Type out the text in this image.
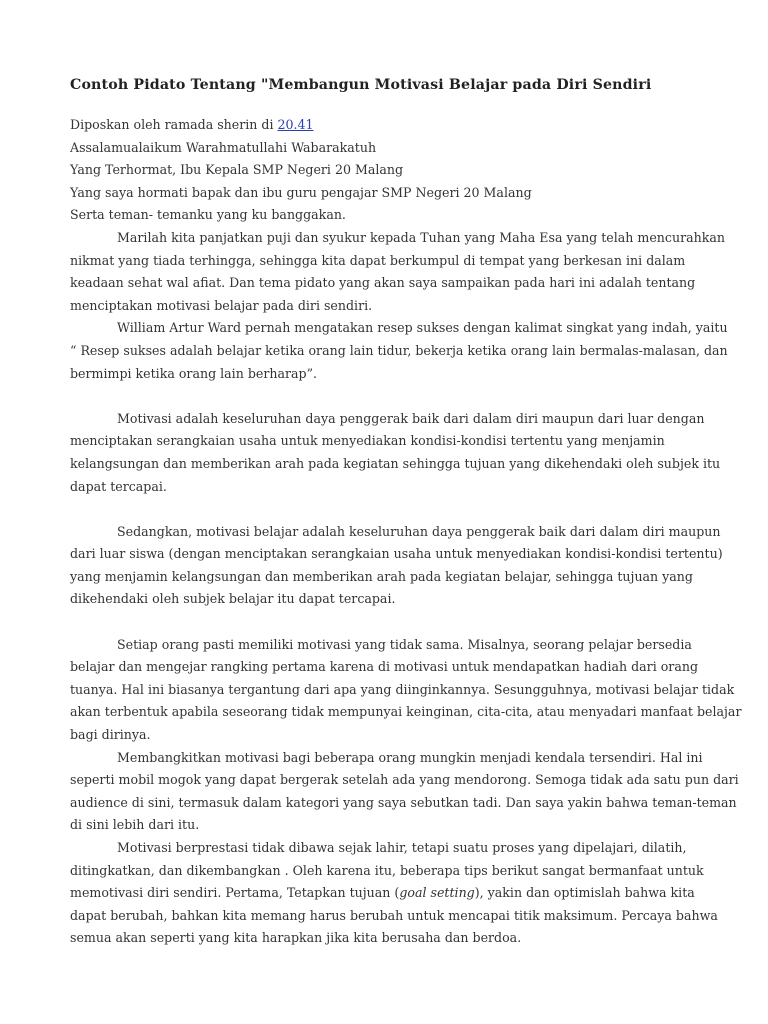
Contoh Pidato Tentang "Membangun Motivasi Belajar pada Diri Sendiri

Diposkan oleh ramada sherin di 20.41

Assalamualaikum Warahmatullahi Wabarakatuh

Yang Terhormat, Ibu Kepala SMP Negeri 20 Malang

Yang saya hormati bapak dan ibu guru pengajar SMP Negeri 20 Malang

Serta teman- temanku yang ku banggakan.

Marilah kita panjatkan puji dan syukur kepada Tuhan yang Maha Esa yang telah mencurahkan
nikmat yang tiada terhingga, sehingga kita dapat berkumpul di tempat yang berkesan ini dalam
keadaan sehat wal afiat. Dan tema pidato yang akan saya sampaikan pada hari ini adalah tentang
menciptakan motivasi belajar pada diri sendiri.

William Artur Ward pernah mengatakan resep sukses dengan kalimat singkat yang indah, yaitu
“ Resep sukses adalah belajar ketika orang lain tidur, bekerja ketika orang lain bermalas-malasan, dan
bermimpi ketika orang lain berharap”.

Motivasi adalah keseluruhan daya penggerak baik dari dalam diri maupun dari luar dengan
menciptakan serangkaian usaha untuk menyediakan kondisi-kondisi tertentu yang menjamin
kelangsungan dan memberikan arah pada kegiatan sehingga tujuan yang dikehendaki oleh subjek itu
dapat tercapai.

Sedangkan, motivasi belajar adalah keseluruhan daya penggerak baik dari dalam diri maupun
dari luar siswa (dengan menciptakan serangkaian usaha untuk menyediakan kondisi-kondisi tertentu)
yang menjamin kelangsungan dan memberikan arah pada kegiatan belajar, sehingga tujuan yang
dikehendaki oleh subjek belajar itu dapat tercapai.

Setiap orang pasti memiliki motivasi yang tidak sama. Misalnya, seorang pelajar bersedia
belajar dan mengejar rangking pertama karena di motivasi untuk mendapatkan hadiah dari orang
tuanya. Hal ini biasanya tergantung dari apa yang diinginkannya. Sesungguhnya, motivasi belajar tidak
akan terbentuk apabila seseorang tidak mempunyai keinginan, cita-cita, atau menyadari manfaat belajar
bagi dirinya.

Membangkitkan motivasi bagi beberapa orang mungkin menjadi kendala tersendiri. Hal ini
seperti mobil mogok yang dapat bergerak setelah ada yang mendorong. Semoga tidak ada satu pun dari
audience di sini, termasuk dalam kategori yang saya sebutkan tadi. Dan saya yakin bahwa teman-teman
di sini lebih dari itu.

Motivasi berprestasi tidak dibawa sejak lahir, tetapi suatu proses yang dipelajari, dilatih,
ditingkatkan, dan dikembangkan . Oleh karena itu, beberapa tips berikut sangat bermanfaat untuk
memotivasi diri sendiri. Pertama, Tetapkan tujuan (goal setting), yakin dan optimislah bahwa kita
dapat berubah, bahkan kita memang harus berubah untuk mencapai titik maksimum. Percaya bahwa
semua akan seperti yang kita harapkan jika kita berusaha dan berdoa.
